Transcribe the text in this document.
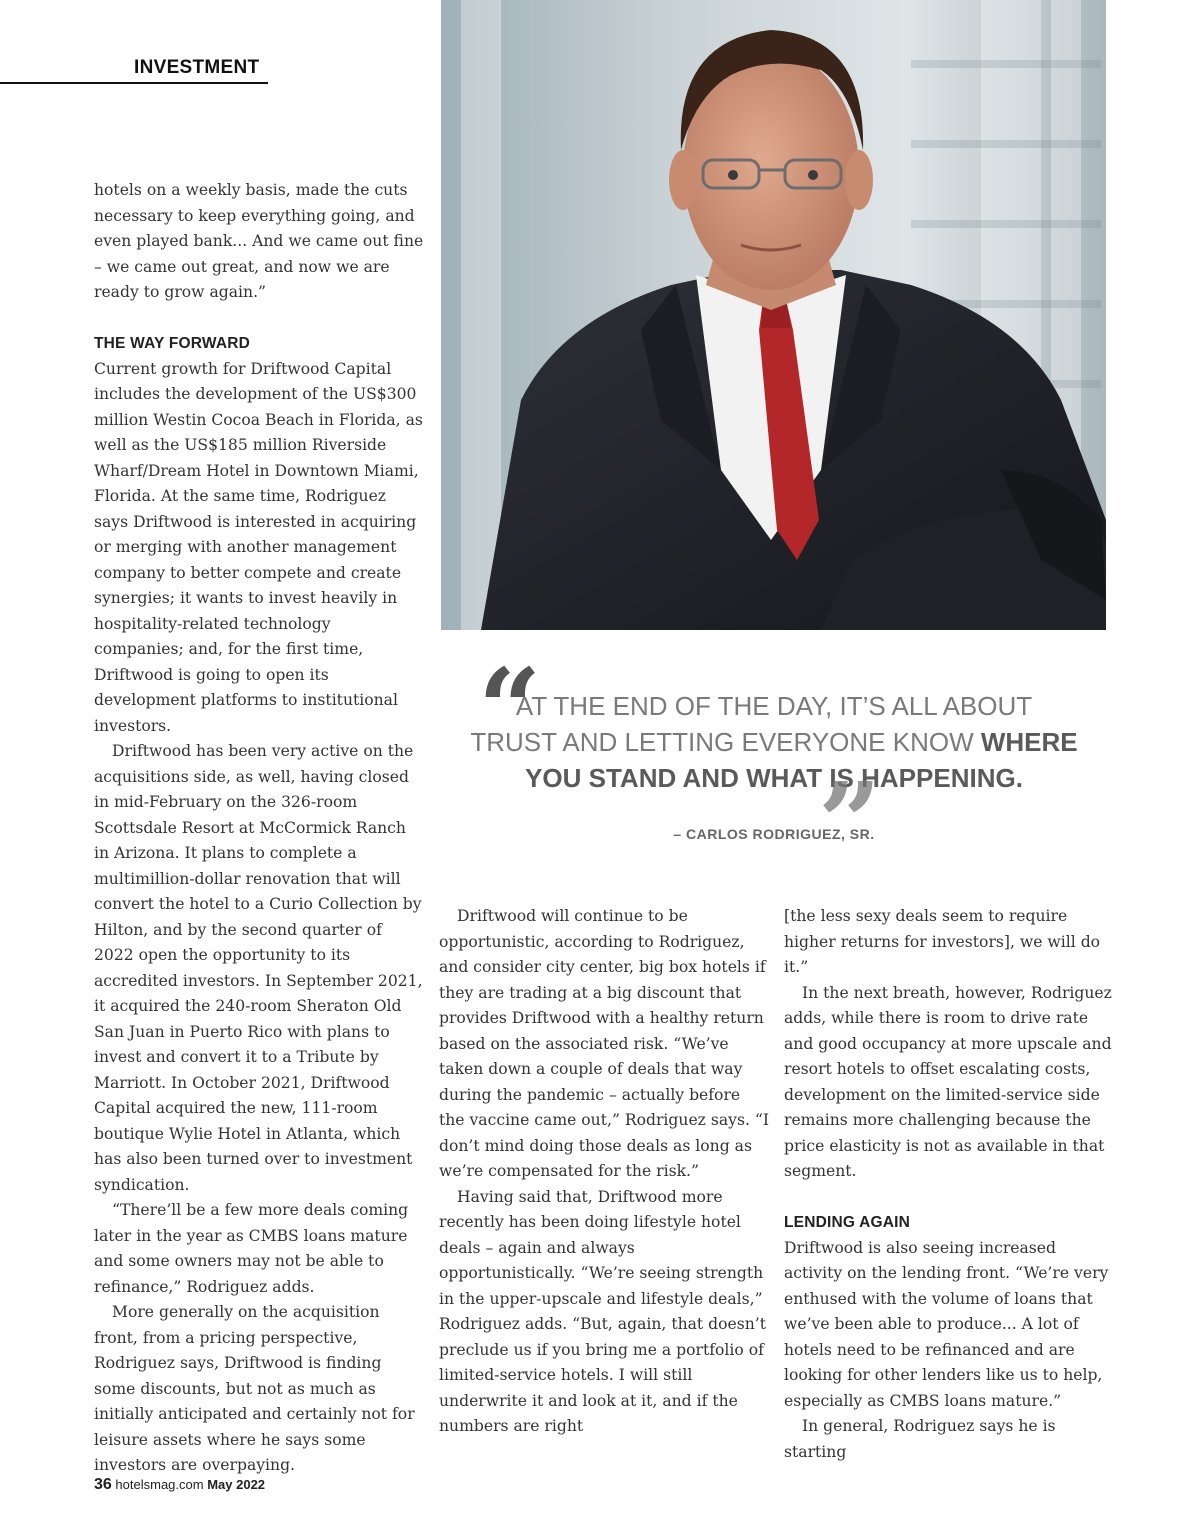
INVESTMENT

hotels on a weekly basis, made the cuts necessary to keep everything going, and even played bank... And we came out fine – we came out great, and now we are ready to grow again.”

THE WAY FORWARD

Current growth for Driftwood Capital includes the development of the US$300 million Westin Cocoa Beach in Florida, as well as the US$185 million Riverside Wharf/Dream Hotel in Downtown Miami, Florida. At the same time, Rodriguez says Driftwood is interested in acquiring or merging with another management company to better compete and create synergies; it wants to invest heavily in hospitality-related technology companies; and, for the first time, Driftwood is going to open its development platforms to institutional investors.

Driftwood has been very active on the acquisitions side, as well, having closed in mid-February on the 326-room Scottsdale Resort at McCormick Ranch in Arizona. It plans to complete a multimillion-dollar renovation that will convert the hotel to a Curio Collection by Hilton, and by the second quarter of 2022 open the opportunity to its accredited investors. In September 2021, it acquired the 240-room Sheraton Old San Juan in Puerto Rico with plans to invest and convert it to a Tribute by Marriott. In October 2021, Driftwood Capital acquired the new, 111-room boutique Wylie Hotel in Atlanta, which has also been turned over to investment syndication.

“There’ll be a few more deals coming later in the year as CMBS loans mature and some owners may not be able to refinance,” Rodriguez adds.

More generally on the acquisition front, from a pricing perspective, Rodriguez says, Driftwood is finding some discounts, but not as much as initially anticipated and certainly not for leisure assets where he says some investors are overpaying.

“
AT THE END OF THE DAY, IT’S ALL ABOUT TRUST AND LETTING EVERYONE KNOW WHERE YOU STAND AND WHAT IS HAPPENING.
”
– CARLOS RODRIGUEZ, SR.

Driftwood will continue to be opportunistic, according to Rodriguez, and consider city center, big box hotels if they are trading at a big discount that provides Driftwood with a healthy return based on the associated risk. “We’ve taken down a couple of deals that way during the pandemic – actually before the vaccine came out,” Rodriguez says. “I don’t mind doing those deals as long as we’re compensated for the risk.”

Having said that, Driftwood more recently has been doing lifestyle hotel deals – again and always opportunistically. “We’re seeing strength in the upper-upscale and lifestyle deals,” Rodriguez adds. “But, again, that doesn’t preclude us if you bring me a portfolio of limited-service hotels. I will still underwrite it and look at it, and if the numbers are right

[the less sexy deals seem to require higher returns for investors], we will do it.”

In the next breath, however, Rodriguez adds, while there is room to drive rate and good occupancy at more upscale and resort hotels to offset escalating costs, development on the limited-service side remains more challenging because the price elasticity is not as available in that segment.

LENDING AGAIN

Driftwood is also seeing increased activity on the lending front. “We’re very enthused with the volume of loans that we’ve been able to produce... A lot of hotels need to be refinanced and are looking for other lenders like us to help, especially as CMBS loans mature.”

In general, Rodriguez says he is starting

36 hotelsmag.com May 2022
